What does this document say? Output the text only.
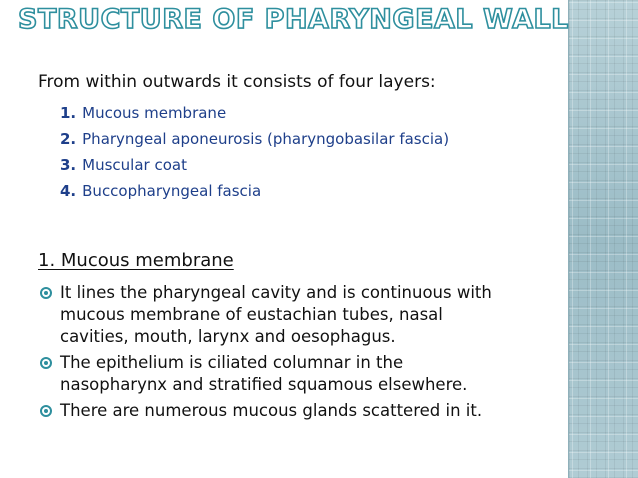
STRUCTURE OF PHARYNGEAL WALL
From within outwards it consists of four layers:
1. Mucous membrane
2. Pharyngeal aponeurosis (pharyngobasilar fascia)
3. Muscular coat
4. Buccopharyngeal fascia
1. Mucous membrane
It lines the pharyngeal cavity and is continuous with
mucous membrane of eustachian tubes, nasal
cavities, mouth, larynx and oesophagus.
The epithelium is ciliated columnar in the
nasopharynx and stratified squamous elsewhere.
There are numerous mucous glands scattered in it.
